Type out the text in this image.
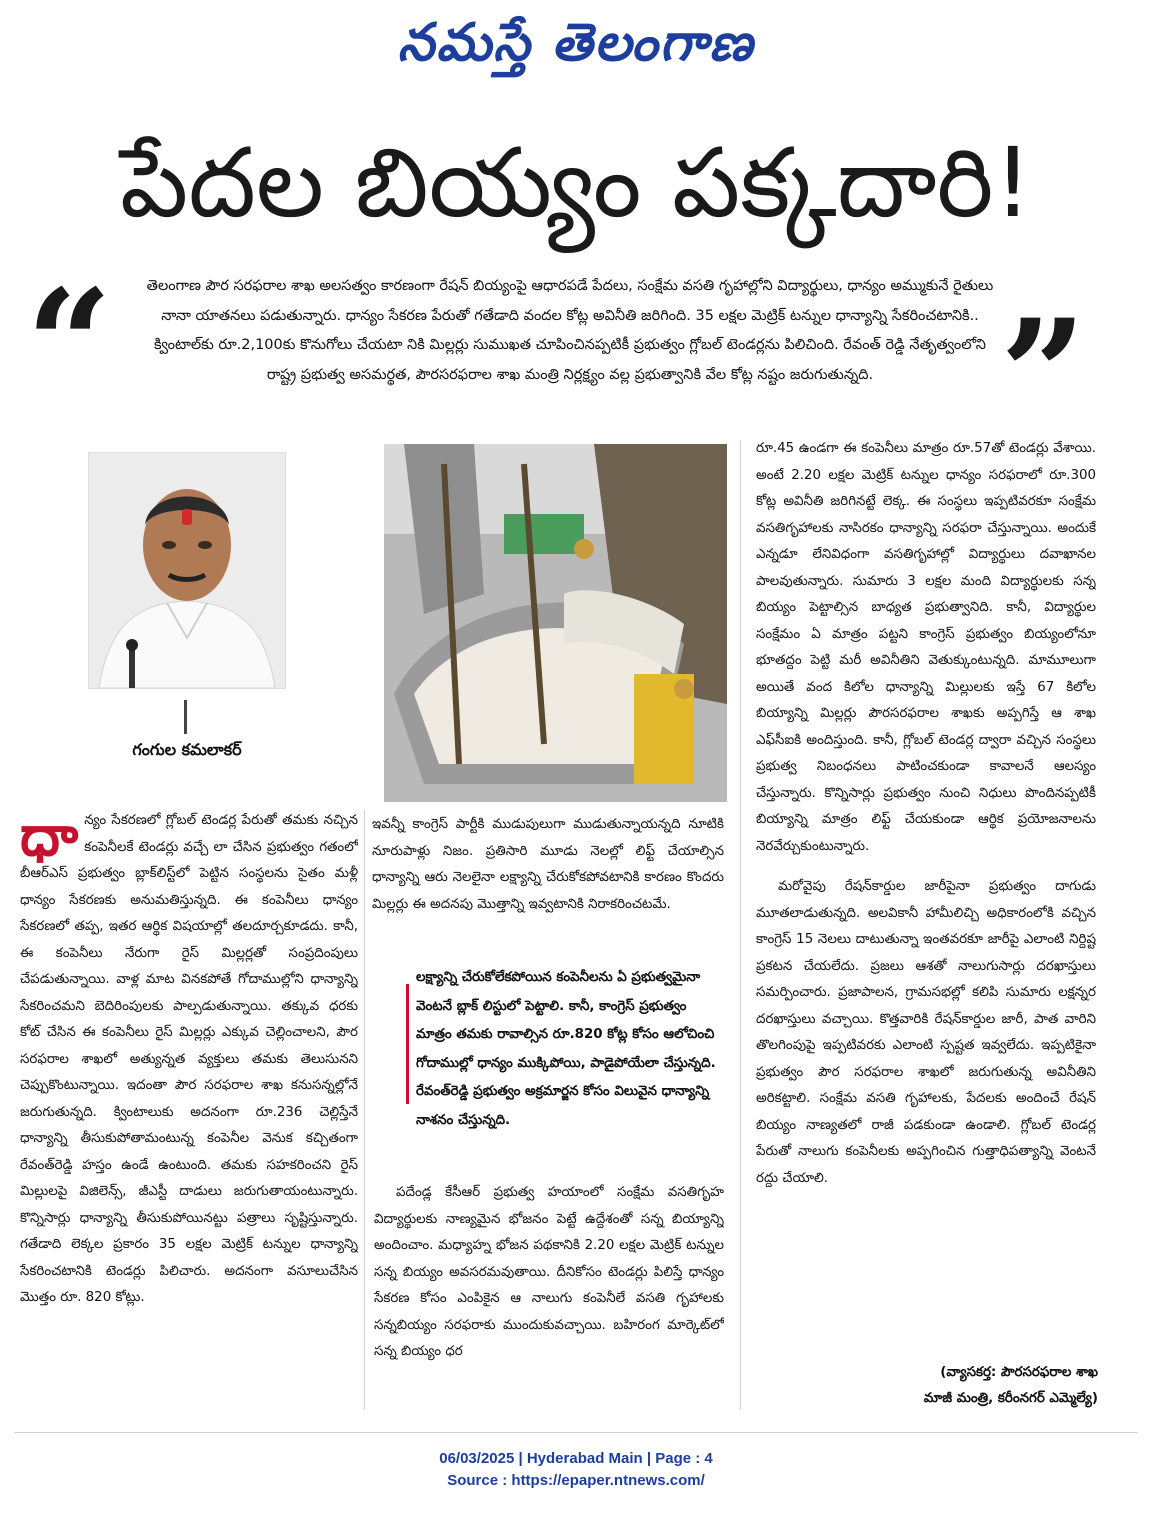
నమస్తే తెలంగాణ
పేదల బియ్యం పక్కదారి!
“	తెలంగాణ పౌర సరఫరాల శాఖ అలసత్వం కారణంగా రేషన్ బియ్యంపై ఆధారపడే పేదలు, సంక్షేమ వసతి గృహాల్లోని విద్యార్థులు, ధాన్యం అమ్ముకునే రైతులు నానా యాతనలు పడుతున్నారు. ధాన్యం సేకరణ పేరుతో గతేడాది వందల కోట్ల అవినీతి జరిగింది. 35 లక్షల మెట్రిక్ టన్నుల ధాన్యాన్ని సేకరించటానికి.. క్వింటాల్‌కు రూ.2,100కు కొనుగోలు చేయటా నికి మిల్లర్లు సుముఖత చూపించినప్పటికీ ప్రభుత్వం గ్లోబల్ టెండర్లను పిలిచింది. రేవంత్ రెడ్డి నేతృత్వంలోని రాష్ట్ర ప్రభుత్వ అసమర్థత, పౌరసరఫరాల శాఖ మంత్రి నిర్లక్ష్యం వల్ల ప్రభుత్వానికి వేల కోట్ల నష్టం జరుగుతున్నది. ”
గంగుల కమలాకర్

ధాన్యం సేకరణలో గ్లోబల్ టెండర్ల పేరుతో తమకు నచ్చిన కంపెనీలకే టెండర్లు వచ్చే లా చేసిన ప్రభుత్వం గతంలో బీఆర్‌ఎస్ ప్రభుత్వం బ్లాక్‌లిస్ట్‌లో పెట్టిన సంస్థలను సైతం మళ్లీ ధాన్యం సేకరణకు అనుమతిస్తున్నది. ఈ కంపెనీలు ధాన్యం సేకరణలో తప్ప, ఇతర ఆర్థిక విషయాల్లో తలదూర్చకూడదు. కానీ, ఈ కంపెనీలు నేరుగా రైస్ మిల్లర్లతో సంప్రదింపులు చేపడుతున్నాయి. వాళ్ల మాట వినకపోతే గోదాముల్లోని ధాన్యాన్ని సేకరించమని బెదిరింపులకు పాల్పడుతున్నాయి. తక్కువ ధరకు కోట్ చేసిన ఈ కంపెనీలు రైస్ మిల్లర్లు ఎక్కువ చెల్లించాలని, పౌర సరఫరాల శాఖలో అత్యున్నత వ్యక్తులు తమకు తెలుసునని చెప్పుకొంటున్నాయి. ఇదంతా పౌర సరఫరాల శాఖ కనుసన్నల్లోనే జరుగుతున్నది. క్వింటాలుకు అదనంగా రూ.236 చెల్లిస్తేనే ధాన్యాన్ని తీసుకుపోతామంటున్న కంపెనీల వెనుక కచ్చితంగా రేవంత్‌రెడ్డి హస్తం ఉండే ఉంటుంది. తమకు సహకరించని రైస్ మిల్లులపై విజిలెన్స్, జీఎస్టీ దాడులు జరుగుతాయంటున్నారు. కొన్నిసార్లు ధాన్యాన్ని తీసుకుపోయినట్టు పత్రాలు సృష్టిస్తున్నారు. గతేడాది లెక్కల ప్రకారం 35 లక్షల మెట్రిక్ టన్నుల ధాన్యాన్ని సేకరించటానికి టెండర్లు పిలిచారు. అదనంగా వసూలుచేసిన మొత్తం రూ. 820 కోట్లు.

ఇవన్నీ కాంగ్రెస్ పార్టీకి ముడుపులుగా ముడుతున్నాయన్నది నూటికి నూరుపాళ్లు నిజం. ప్రతిసారి మూడు నెలల్లో లిఫ్ట్ చేయాల్సిన ధాన్యాన్ని ఆరు నెలలైనా లక్ష్యాన్ని చేరుకోకపోవటానికి కారణం కొందరు మిల్లర్లు ఈ అదనపు మొత్తాన్ని ఇవ్వటానికి నిరాకరించటమే.
లక్ష్యాన్ని చేరుకోలేకపోయిన కంపెనీలను ఏ ప్రభుత్వమైనా వెంటనే బ్లాక్ లిస్టులో పెట్టాలి. కానీ, కాంగ్రెస్ ప్రభుత్వం మాత్రం తమకు రావాల్సిన రూ.820 కోట్ల కోసం ఆలోచించి గోదాముల్లో ధాన్యం ముక్కిపోయి, పాడైపోయేలా చేస్తున్నది. రేవంత్‌రెడ్డి ప్రభుత్వం అక్రమార్జన కోసం విలువైన ధాన్యాన్ని నాశనం చేస్తున్నది.

పదేండ్ల కేసీఆర్ ప్రభుత్వ హయాంలో సంక్షేమ వసతిగృహ విద్యార్థులకు నాణ్యమైన భోజనం పెట్టే ఉద్దేశంతో సన్న బియ్యాన్ని అందించాం. మధ్యాహ్న భోజన పథకానికి 2.20 లక్షల మెట్రిక్ టన్నుల సన్న బియ్యం అవసరమవుతాయి. దీనికోసం టెండర్లు పిలిస్తే ధాన్యం సేకరణ కోసం ఎంపికైన ఆ నాలుగు కంపెనీలే వసతి గృహాలకు సన్నబియ్యం సరఫరాకు ముందుకువచ్చాయి. బహిరంగ మార్కెట్‌లో సన్న బియ్యం ధర

రూ.45 ఉండగా ఈ కంపెనీలు మాత్రం రూ.57తో టెండర్లు వేశాయి. అంటే 2.20 లక్షల మెట్రిక్ టన్నుల ధాన్యం సరఫరాలో రూ.300 కోట్ల అవినీతి జరిగినట్టే లెక్క. ఈ సంస్థలు ఇప్పటివరకూ సంక్షేమ వసతిగృహాలకు నాసిరకం ధాన్యాన్ని సరఫరా చేస్తున్నాయి. అందుకే ఎన్నడూ లేనివిధంగా వసతిగృహాల్లో విద్యార్థులు దవాఖానల పాలవుతున్నారు. సుమారు 3 లక్షల మంది విద్యార్థులకు సన్న బియ్యం పెట్టాల్సిన బాధ్యత ప్రభుత్వానిది. కానీ, విద్యార్థుల సంక్షేమం ఏ మాత్రం పట్టని కాంగ్రెస్ ప్రభుత్వం బియ్యంలోనూ భూతద్దం పెట్టి మరీ అవినీతిని వెతుక్కుంటున్నది. మామూలుగా అయితే వంద కిలోల ధాన్యాన్ని మిల్లులకు ఇస్తే 67 కిలోల బియ్యాన్ని మిల్లర్లు పౌరసరఫరాల శాఖకు అప్పగిస్తే ఆ శాఖ ఎఫ్‌సీఐకి అందిస్తుంది. కానీ, గ్లోబల్ టెండర్ల ద్వారా వచ్చిన సంస్థలు ప్రభుత్వ నిబంధనలు పాటించకుండా కావాలనే ఆలస్యం చేస్తున్నారు. కొన్నిసార్లు ప్రభుత్వం నుంచి నిధులు పొందినప్పటికీ బియ్యాన్ని మాత్రం లిఫ్ట్ చేయకుండా ఆర్థిక ప్రయోజనాలను నెరవేర్చుకుంటున్నారు.

మరోవైపు రేషన్‌కార్డుల జారీపైనా ప్రభుత్వం దాగుడు మూతలాడుతున్నది. అలవికానీ హామీలిచ్చి అధికారంలోకి వచ్చిన కాంగ్రెస్ 15 నెలలు దాటుతున్నా ఇంతవరకూ జారీపై ఎలాంటి నిర్దిష్ట ప్రకటన చేయలేదు. ప్రజలు ఆశతో నాలుగుసార్లు దరఖాస్తులు సమర్పించారు. ప్రజాపాలన, గ్రామసభల్లో కలిపి సుమారు లక్షన్నర దరఖాస్తులు వచ్చాయి. కొత్తవారికి రేషన్‌కార్డుల జారీ, పాత వారిని తొలగింపుపై ఇప్పటివరకు ఎలాంటి స్పష్టత ఇవ్వలేదు. ఇప్పటికైనా ప్రభుత్వం పౌర సరఫరాల శాఖలో జరుగుతున్న అవినీతిని అరికట్టాలి. సంక్షేమ వసతి గృహాలకు, పేదలకు అందించే రేషన్ బియ్యం నాణ్యతలో రాజీ పడకుండా ఉండాలి. గ్లోబల్ టెండర్ల పేరుతో నాలుగు కంపెనీలకు అప్పగించిన గుత్తాధిపత్యాన్ని వెంటనే రద్దు చేయాలి.

(వ్యాసకర్త: పౌరసరఫరాల శాఖ
మాజీ మంత్రి, కరీంనగర్ ఎమ్మెల్యే)
06/03/2025 | Hyderabad Main | Page : 4
Source : https://epaper.ntnews.com/
